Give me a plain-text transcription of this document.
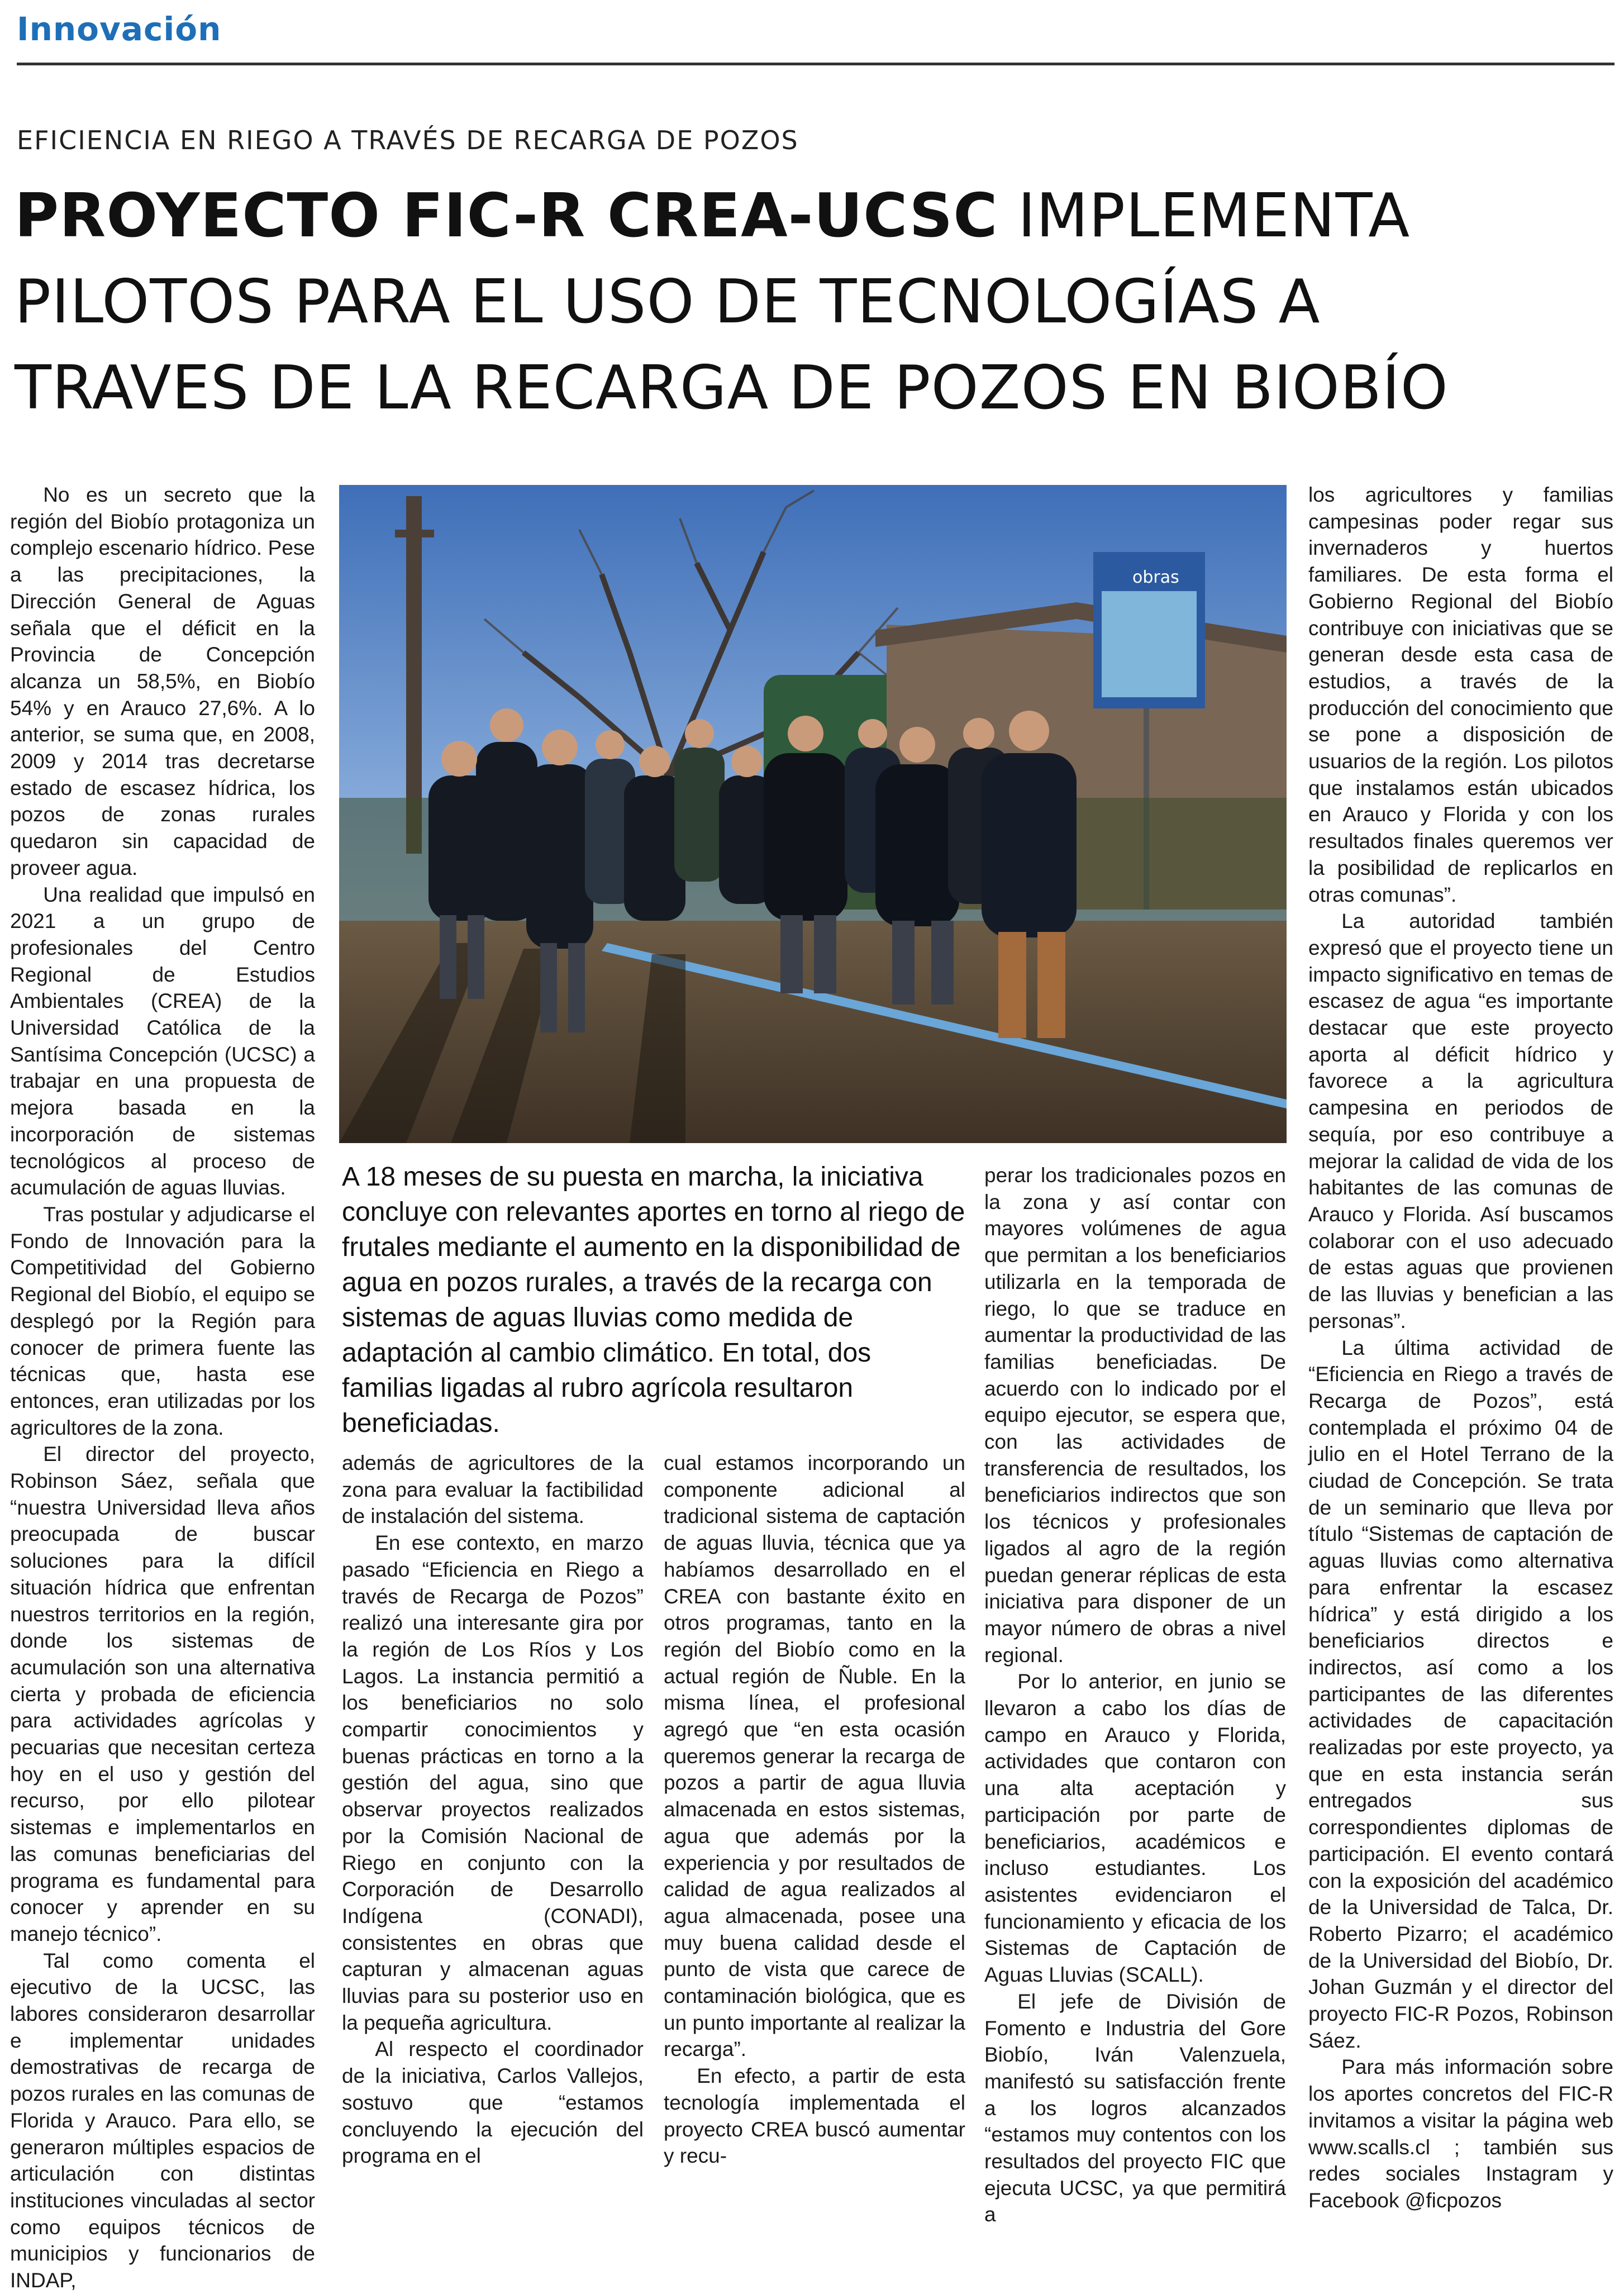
Innovación
EFICIENCIA EN RIEGO A TRAVÉS DE RECARGA DE POZOS
PROYECTO FIC-R CREA-UCSC IMPLEMENTA
PILOTOS PARA EL USO DE TECNOLOGÍAS A
TRAVES DE LA RECARGA DE POZOS EN BIOBÍO

No es un secreto que la región del Biobío protagoniza un complejo escenario hídrico. Pese a las precipitaciones, la Dirección General de Aguas señala que el déficit en la Provincia de Concepción alcanza un 58,5%, en Biobío 54% y en Arauco 27,6%. A lo anterior, se suma que, en 2008, 2009 y 2014 tras decretarse estado de escasez hídrica, los pozos de zonas rurales quedaron sin capacidad de proveer agua.

Una realidad que impulsó en 2021 a un grupo de profesionales del Centro Regional de Estudios Ambientales (CREA) de la Universidad Católica de la Santísima Concepción (UCSC) a trabajar en una propuesta de mejora basada en la incorporación de sistemas tecnológicos al proceso de acumulación de aguas lluvias.

Tras postular y adjudicarse el Fondo de Innovación para la Competitividad del Gobierno Regional del Biobío, el equipo se desplegó por la Región para conocer de primera fuente las técnicas que, hasta ese entonces, eran utilizadas por los agricultores de la zona.

El director del proyecto, Robinson Sáez, señala que “nuestra Universidad lleva años preocupada de buscar soluciones para la difícil situación hídrica que enfrentan nuestros territorios en la región, donde los sistemas de acumulación son una alternativa cierta y probada de eficiencia para actividades agrícolas y pecuarias que necesitan certeza hoy en el uso y gestión del recurso, por ello pilotear sistemas e implementarlos en las comunas beneficiarias del programa es fundamental para conocer y aprender en su manejo técnico”.

Tal como comenta el ejecutivo de la UCSC, las labores consideraron desarrollar e implementar unidades demostrativas de recarga de pozos rurales en las comunas de Florida y Arauco. Para ello, se generaron múltiples espacios de articulación con distintas instituciones vinculadas al sector como equipos técnicos de municipios y funcionarios de INDAP,

obras
A 18 meses de su puesta en marcha, la iniciativa concluye con relevantes aportes en torno al riego de frutales mediante el aumento en la disponibilidad de agua en pozos rurales, a través de la recarga con sistemas de aguas lluvias como medida de adaptación al cambio climático. En total, dos familias ligadas al rubro agrícola resultaron beneficiadas.

además de agricultores de la zona para evaluar la factibilidad de instalación del sistema.

En ese contexto, en marzo pasado “Eficiencia en Riego a través de Recarga de Pozos” realizó una interesante gira por la región de Los Ríos y Los Lagos. La instancia permitió a los beneficiarios no solo compartir conocimientos y buenas prácticas en torno a la gestión del agua, sino que observar proyectos realizados por la Comisión Nacional de Riego en conjunto con la Corporación de Desarrollo Indígena (CONADI), consistentes en obras que capturan y almacenan aguas lluvias para su posterior uso en la pequeña agricultura.

Al respecto el coordinador de la iniciativa, Carlos Vallejos, sostuvo que “estamos concluyendo la ejecución del programa en el

cual estamos incorporando un componente adicional al tradicional sistema de captación de aguas lluvia, técnica que ya habíamos desarrollado en el CREA con bastante éxito en otros programas, tanto en la región del Biobío como en la actual región de Ñuble. En la misma línea, el profesional agregó que “en esta ocasión queremos generar la recarga de pozos a partir de agua lluvia almacenada en estos sistemas, agua que además por la experiencia y por resultados de calidad de agua realizados al agua almacenada, posee una muy buena calidad desde el punto de vista que carece de contaminación biológica, que es un punto importante al realizar la recarga”.

En efecto, a partir de esta tecnología implementada el proyecto CREA buscó aumentar y recu-

perar los tradicionales pozos en la zona y así contar con mayores volúmenes de agua que permitan a los beneficiarios utilizarla en la temporada de riego, lo que se traduce en aumentar la productividad de las familias beneficiadas. De acuerdo con lo indicado por el equipo ejecutor, se espera que, con las actividades de transferencia de resultados, los beneficiarios indirectos que son los técnicos y profesionales ligados al agro de la región puedan generar réplicas de esta iniciativa para disponer de un mayor número de obras a nivel regional.

Por lo anterior, en junio se llevaron a cabo los días de campo en Arauco y Florida, actividades que contaron con una alta aceptación y participación por parte de beneficiarios, académicos e incluso estudiantes. Los asistentes evidenciaron el funcionamiento y eficacia de los Sistemas de Captación de Aguas Lluvias (SCALL).

El jefe de División de Fomento e Industria del Gore Biobío, Iván Valenzuela, manifestó su satisfacción frente a los logros alcanzados “estamos muy contentos con los resultados del proyecto FIC que ejecuta UCSC, ya que permitirá a

los agricultores y familias campesinas poder regar sus invernaderos y huertos familiares. De esta forma el Gobierno Regional del Biobío contribuye con iniciativas que se generan desde esta casa de estudios, a través de la producción del conocimiento que se pone a disposición de usuarios de la región. Los pilotos que instalamos están ubicados en Arauco y Florida y con los resultados finales queremos ver la posibilidad de replicarlos en otras comunas”.

La autoridad también expresó que el proyecto tiene un impacto significativo en temas de escasez de agua “es importante destacar que este proyecto aporta al déficit hídrico y favorece a la agricultura campesina en periodos de sequía, por eso contribuye a mejorar la calidad de vida de los habitantes de las comunas de Arauco y Florida. Así buscamos colaborar con el uso adecuado de estas aguas que provienen de las lluvias y benefician a las personas”.

La última actividad de “Eficiencia en Riego a través de Recarga de Pozos”, está contemplada el próximo 04 de julio en el Hotel Terrano de la ciudad de Concepción. Se trata de un seminario que lleva por título “Sistemas de captación de aguas lluvias como alternativa para enfrentar la escasez hídrica” y está dirigido a los beneficiarios directos e indirectos, así como a los participantes de las diferentes actividades de capacitación realizadas por este proyecto, ya que en esta instancia serán entregados sus correspondientes diplomas de participación. El evento contará con la exposición del académico de la Universidad de Talca, Dr. Roberto Pizarro; el académico de la Universidad del Biobío, Dr. Johan Guzmán y el director del proyecto FIC-R Pozos, Robinson Sáez.

Para más información sobre los aportes concretos del FIC-R invitamos a visitar la página web www.scalls.cl ; también sus redes sociales Instagram y Facebook @ficpozos
